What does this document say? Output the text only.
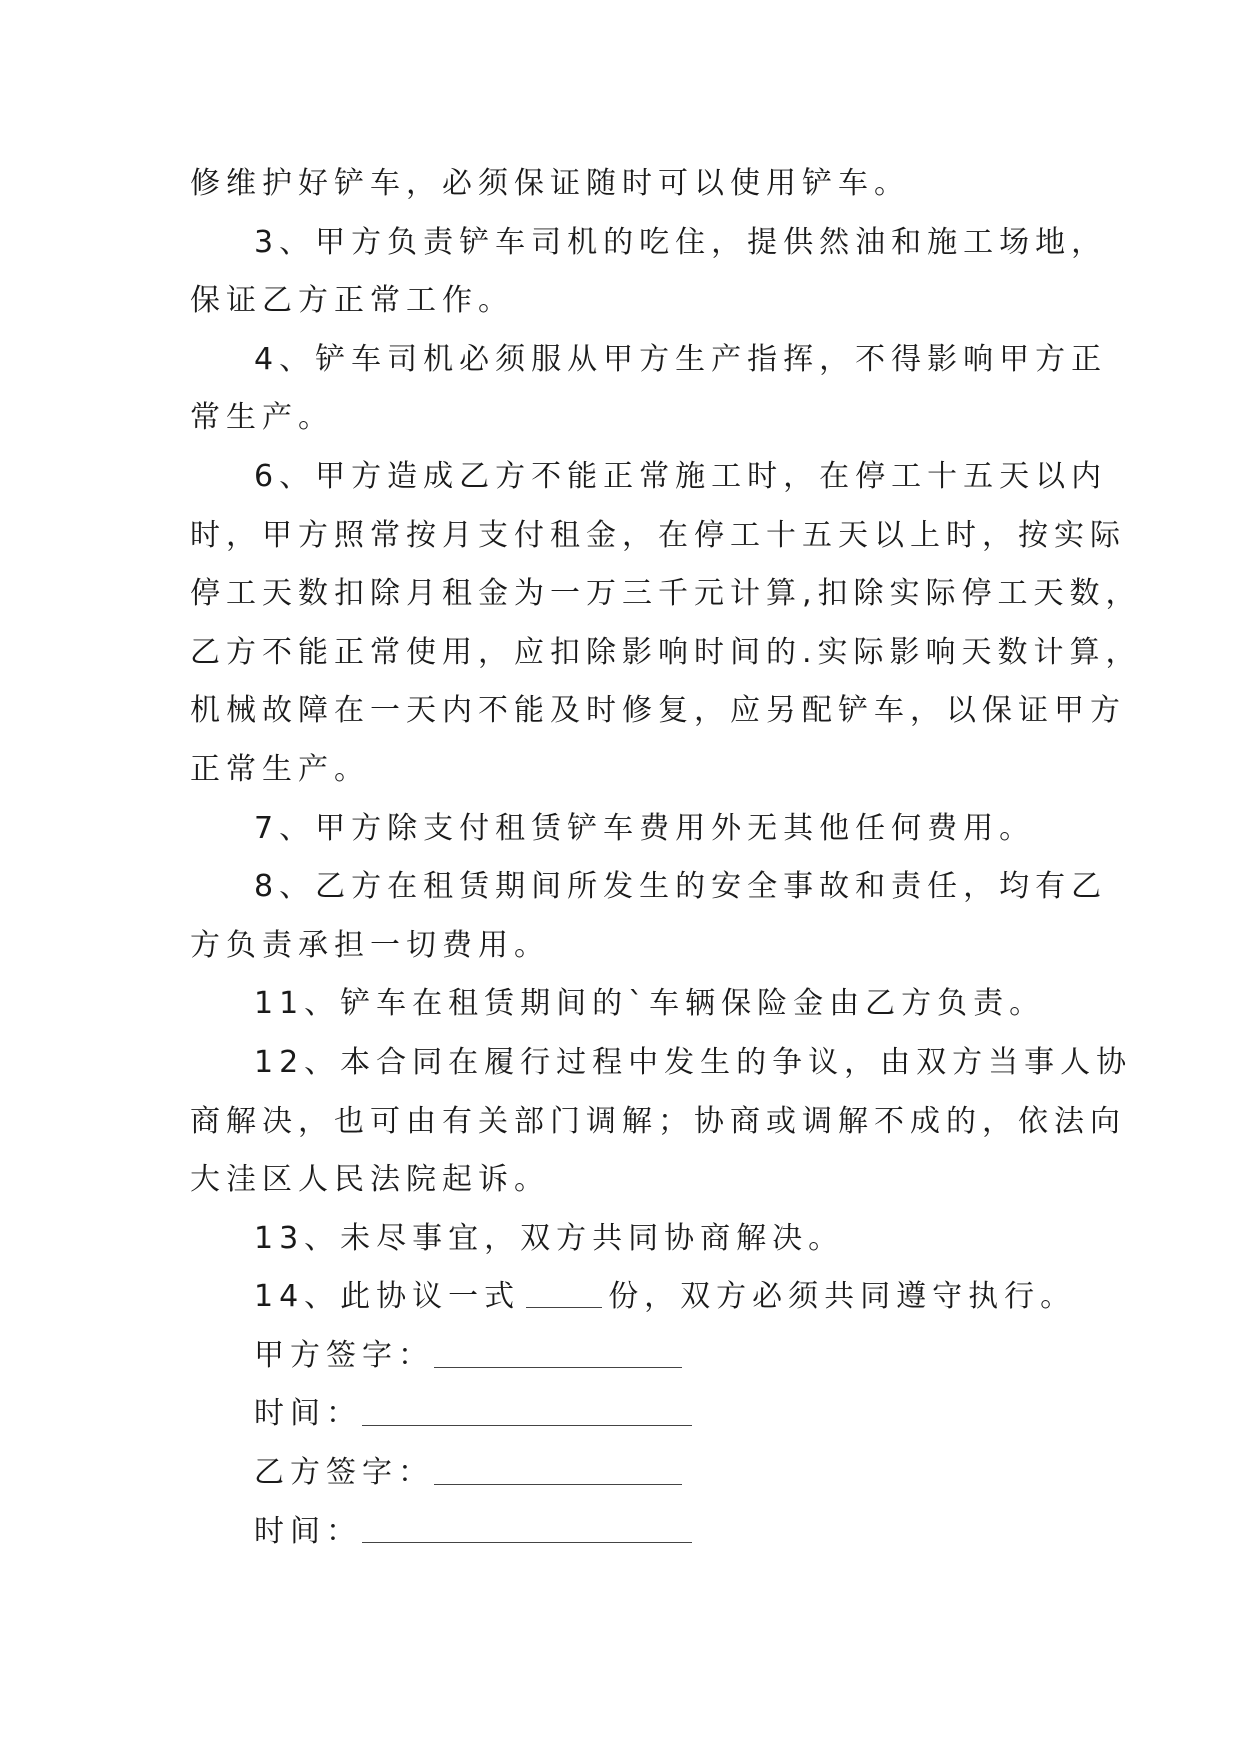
修维护好铲车，必须保证随时可以使用铲车。
3、甲方负责铲车司机的吃住，提供然油和施工场地，
保证乙方正常工作。
4、铲车司机必须服从甲方生产指挥，不得影响甲方正
常生产。
6、甲方造成乙方不能正常施工时，在停工十五天以内
时，甲方照常按月支付租金，在停工十五天以上时，按实际
停工天数扣除月租金为一万三千元计算,扣除实际停工天数，
乙方不能正常使用，应扣除影响时间的.实际影响天数计算，
机械故障在一天内不能及时修复，应另配铲车，以保证甲方
正常生产。
7、甲方除支付租赁铲车费用外无其他任何费用。
8、乙方在租赁期间所发生的安全事故和责任，均有乙
方负责承担一切费用。
11、铲车在租赁期间的`车辆保险金由乙方负责。
12、本合同在履行过程中发生的争议，由双方当事人协
商解决，也可由有关部门调解；协商或调解不成的，依法向
大洼区人民法院起诉。
13、未尽事宜，双方共同协商解决。
14、此协议一式	份，双方必须共同遵守执行。
甲方签字：
时间：
乙方签字：
时间：
